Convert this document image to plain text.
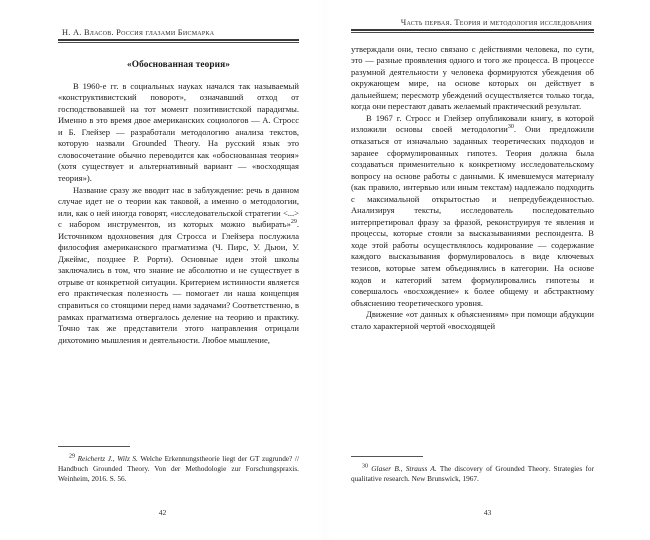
Н. А. Власов. Россия глазами Бисмарка
«Обоснованная теория»

В 1960-е гг. в социальных науках начался так называемый «конструктивистский поворот», означавший отход от господствовавшей на тот момент позитивистской парадигмы. Именно в это время двое американских социологов — А. Стросс и Б. Глейзер — разработали методологию анализа текстов, которую назвали Grounded Theory. На русский язык это словосочетание обычно переводится как «обоснованная теория» (хотя существует и альтернативный вариант — «восходящая теория»).

Название сразу же вводит нас в заблуждение: речь в данном случае идет не о теории как таковой, а именно о методологии, или, как о ней иногда говорят, «исследовательской стратегии <...> с набором инструментов, из которых можно выбирать»$^{29}$. Источником вдохновения для Стросса и Глейзера послужила философия американского прагматизма (Ч. Пирс, У. Дьюи, У. Джеймс, позднее Р. Рорти). Основные идеи этой школы заключались в том, что знание не абсолютно и не существует в отрыве от конкретной ситуации. Критерием истинности является его практическая полезность — помогает ли наша концепция справиться со стоящими перед нами задачами? Соответственно, в рамках прагматизма отвергалось деление на теорию и практику. Точно так же представители этого направления отрицали дихотомию мышления и деятельности. Любое мышление,

$^{29}$ Reichertz J., Wilz S. Welche Erkennungstheorie liegt der GT zugrunde? // Handbuch Grounded Theory. Von der Methodologie zur Forschungspraxis. Weinheim, 2016. S. 56.
42
Часть первая. Теория и методология исследования

утверждали они, тесно связано с действиями человека, по сути, это — разные проявления одного и того же процесса. В процессе разумной деятельности у человека формируются убеждения об окружающем мире, на основе которых он действует в дальнейшем; пересмотр убеждений осуществляется только тогда, когда они перестают давать желаемый практический результат.

В 1967 г. Стросс и Глейзер опубликовали книгу, в которой изложили основы своей методологии$^{30}$. Они предложили отказаться от изначально заданных теоретических подходов и заранее сформулированных гипотез. Теория должна была создаваться применительно к конкретному исследовательскому вопросу на основе работы с данными. К имевшемуся материалу (как правило, интервью или иным текстам) надлежало подходить с максимальной открытостью и непредубежденностью. Анализируя тексты, исследователь последовательно интерпретировал фразу за фразой, реконструируя те явления и процессы, которые стояли за высказываниями респондента. В ходе этой работы осуществлялось кодирование — содержание каждого высказывания формулировалось в виде ключевых тезисов, которые затем объединялись в категории. На основе кодов и категорий затем формулировались гипотезы и совершалось «восхождение» к более общему и абстрактному объяснению теоретического уровня.

Движение «от данных к объяснениям» при помощи абдукции стало характерной чертой «восходящей

$^{30}$ Glaser B., Strauss A. The discovery of Grounded Theory. Strategies for qualitative research. New Brunswick, 1967.
43
